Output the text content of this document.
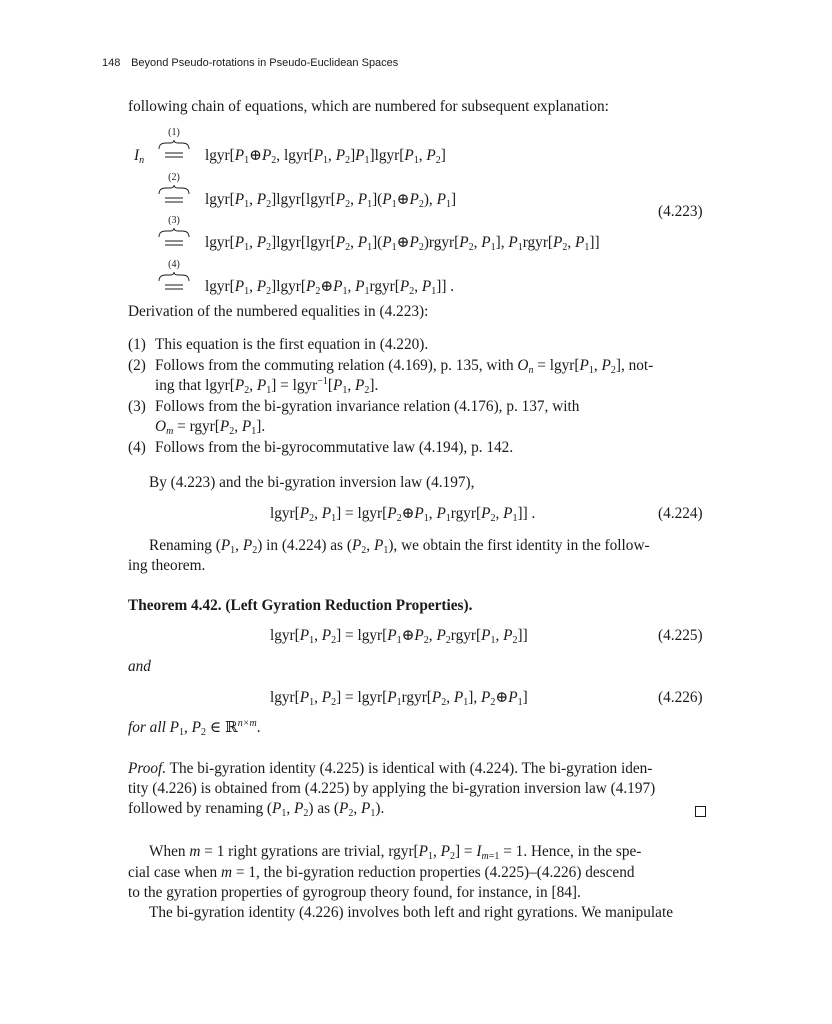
148 Beyond Pseudo-rotations in Pseudo-Euclidean Spaces
following chain of equations, which are numbered for subsequent explanation:
$I_n$
(1)
$lgyr[P_1\oplus P_2$, $lgyr[P_1$, $P_2]P_1]lgyr[P_1$, $P_2$]
(2)
$lgyr[P_1$, $P_2]lgyr[lgyr[P_2$, $P_1](P_1\oplus P_2)$, $P_1$]
(4.223)
(3)
$lgyr[P_1$, $P_2]lgyr[lgyr[P_2$, $P_1](P_1\oplus P_2)rgyr[P_2$, $P_1$], $P_1rgyr[P_2$, $P_1$]]
(4)
$lgyr[P_1$, $P_2]lgyr[P_2\oplus P_1$, $P_1rgyr[P_2$, $P_1$]] .
Derivation of the numbered equalities in (4.223):
(1) This equation is the first equation in (4.220).
(2) Follows from the commuting relation (4.169), p. 135, with $O_n$ = $lgyr[P_1$, $P_2$], not-
ing that $lgyr[P_2$, $P_1$] = $lgyr^{-1}[P_1$, $P_2$].
(3) Follows from the bi-gyration invariance relation (4.176), p. 137, with
$O_m$ = $rgyr[P_2$, $P_1$].
(4) Follows from the bi-gyrocommutative law (4.194), p. 142.
By (4.223) and the bi-gyration inversion law (4.197),
$lgyr[P_2$, $P_1$] = $lgyr[P_2\oplus P_1$, $P_1rgyr[P_2$, $P_1$]] .	(4.224)
Renaming ($P_1$, $P_2$) in (4.224) as ($P_2$, $P_1$), we obtain the first identity in the follow-
ing theorem.
Theorem 4.42. (Left Gyration Reduction Properties).
$lgyr[P_1$, $P_2$] = $lgyr[P_1\oplus P_2$, $P_2rgyr[P_1$, $P_2$]]	(4.225)
and
$lgyr[P_1$, $P_2$] = $lgyr[P_1rgyr[P_2$, $P_1$], $P_2\oplus P_1$]	(4.226)
for all $P_1$, $P_2$ ∈ ℝ$^{n\times m}$.
Proof. The bi-gyration identity (4.225) is identical with (4.224). The bi-gyration iden-
tity (4.226) is obtained from (4.225) by applying the bi-gyration inversion law (4.197)
followed by renaming ($P_1$, $P_2$) as ($P_2$, $P_1$).
When m = 1 right gyrations are trivial, $rgyr[P_1$, $P_2] = I_{m=1} = 1$. Hence, in the spe-
cial case when m = 1, the bi-gyration reduction properties (4.225)–(4.226) descend
to the gyration properties of gyrogroup theory found, for instance, in [84].
The bi-gyration identity (4.226) involves both left and right gyrations. We manipulate
